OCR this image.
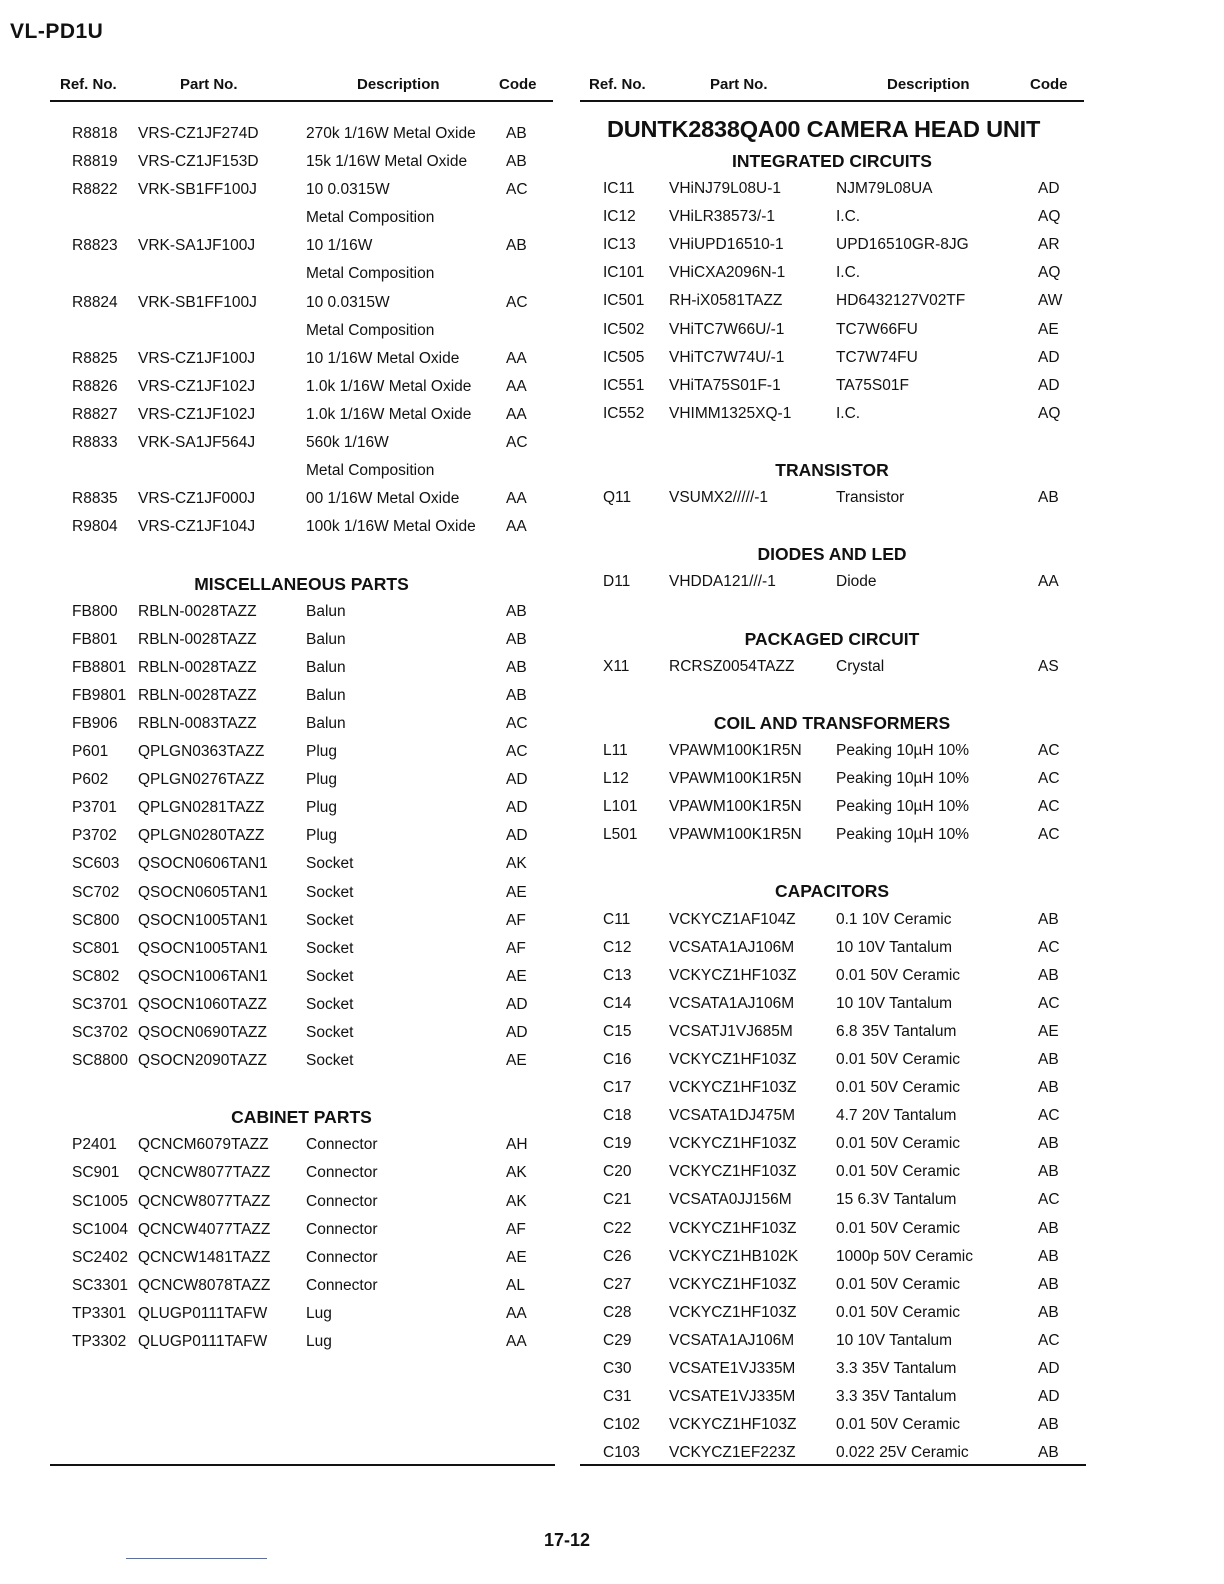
VL-PD1U
Ref. No.	Part No.	Description	Code	Ref. No.	Part No.	Description	Code
R8818 VRS-CZ1JF274D	270k 1/16W Metal Oxide AB
R8819 VRS-CZ1JF153D	15k 1/16W Metal Oxide	AB
R8822 VRK-SB1FF100J	10 0.0315W	AC
Metal Composition
R8823 VRK-SA1JF100J	10 1/16W	AB
Metal Composition
R8824 VRK-SB1FF100J	10 0.0315W	AC
Metal Composition
R8825 VRS-CZ1JF100J	10 1/16W Metal Oxide	AA
R8826 VRS-CZ1JF102J	1.0k 1/16W Metal Oxide AA
R8827 VRS-CZ1JF102J	1.0k 1/16W Metal Oxide AA
R8833 VRK-SA1JF564J	560k 1/16W	AC
Metal Composition
R8835 VRS-CZ1JF000J	00 1/16W Metal Oxide	AA
R9804 VRS-CZ1JF104J	100k 1/16W Metal Oxide AA
MISCELLANEOUS PARTS
FB800 RBLN-0028TAZZ	Balun	AB
FB801 RBLN-0028TAZZ	Balun	AB
FB8801 RBLN-0028TAZZ	Balun	AB
FB9801 RBLN-0028TAZZ	Balun	AB
FB906 RBLN-0083TAZZ	Balun	AC
P601 QPLGN0363TAZZ	Plug	AC
P602 QPLGN0276TAZZ	Plug	AD
P3701 QPLGN0281TAZZ	Plug	AD
P3702 QPLGN0280TAZZ	Plug	AD
SC603 QSOCN0606TAN1 Socket	AK
SC702 QSOCN0605TAN1 Socket	AE
SC800 QSOCN1005TAN1 Socket	AF
SC801 QSOCN1005TAN1 Socket	AF
SC802 QSOCN1006TAN1 Socket	AE
SC3701 QSOCN1060TAZZ	Socket	AD
SC3702 QSOCN0690TAZZ	Socket	AD
SC8800 QSOCN2090TAZZ	Socket	AE
CABINET PARTS
P2401 QCNCM6079TAZZ Connector	AH
SC901 QCNCW8077TAZZ Connector	AK
SC1005 QCNCW8077TAZZ Connector	AK
SC1004 QCNCW4077TAZZ Connector	AF
SC2402 QCNCW1481TAZZ Connector	AE
SC3301 QCNCW8078TAZZ Connector	AL
TP3301 QLUGP0111TAFW	Lug	AA
TP3302 QLUGP0111TAFW	Lug	AA
DUNTK2838QA00 CAMERA HEAD UNIT
INTEGRATED CIRCUITS
IC11 VHiNJ79L08U-1	NJM79L08UA	AD
IC12 VHiLR38573/-1	I.C.	AQ
IC13 VHiUPD16510-1	UPD16510GR-8JG	AR
IC101 VHiCXA2096N-1	I.C.	AQ
IC501 RH-iX0581TAZZ	HD6432127V02TF	AW
IC502 VHiTC7W66U/-1	TC7W66FU	AE
IC505 VHiTC7W74U/-1	TC7W74FU	AD
IC551 VHiTA75S01F-1	TA75S01F	AD
IC552 VHIMM1325XQ-1	I.C.	AQ
TRANSISTOR
Q11 VSUMX2/////-1	Transistor	AB
DIODES AND LED
D11 VHDDA121///-1	Diode	AA
PACKAGED CIRCUIT
X11	RCRSZ0054TAZZ	Crystal	AS
COIL AND TRANSFORMERS
L11	VPAWM100K1R5N Peaking 10µH 10%	AC
L12	VPAWM100K1R5N Peaking 10µH 10%	AC
L101 VPAWM100K1R5N Peaking 10µH 10%	AC
L501 VPAWM100K1R5N Peaking 10µH 10%	AC
CAPACITORS
C11 VCKYCZ1AF104Z	0.1 10V Ceramic	AB
C12 VCSATA1AJ106M	10 10V Tantalum	AC
C13 VCKYCZ1HF103Z	0.01 50V Ceramic	AB
C14 VCSATA1AJ106M	10 10V Tantalum	AC
C15 VCSATJ1VJ685M	6.8 35V Tantalum	AE
C16 VCKYCZ1HF103Z	0.01 50V Ceramic	AB
C17 VCKYCZ1HF103Z	0.01 50V Ceramic	AB
C18 VCSATA1DJ475M	4.7 20V Tantalum	AC
C19 VCKYCZ1HF103Z	0.01 50V Ceramic	AB
C20 VCKYCZ1HF103Z	0.01 50V Ceramic	AB
C21 VCSATA0JJ156M	15 6.3V Tantalum	AC
C22 VCKYCZ1HF103Z	0.01 50V Ceramic	AB
C26 VCKYCZ1HB102K 1000p 50V Ceramic	AB
C27 VCKYCZ1HF103Z	0.01 50V Ceramic	AB
C28 VCKYCZ1HF103Z	0.01 50V Ceramic	AB
C29 VCSATA1AJ106M	10 10V Tantalum	AC
C30 VCSATE1VJ335M	3.3 35V Tantalum	AD
C31 VCSATE1VJ335M	3.3 35V Tantalum	AD
C102 VCKYCZ1HF103Z	0.01 50V Ceramic	AB
C103 VCKYCZ1EF223Z	0.022 25V Ceramic	AB
17-12
